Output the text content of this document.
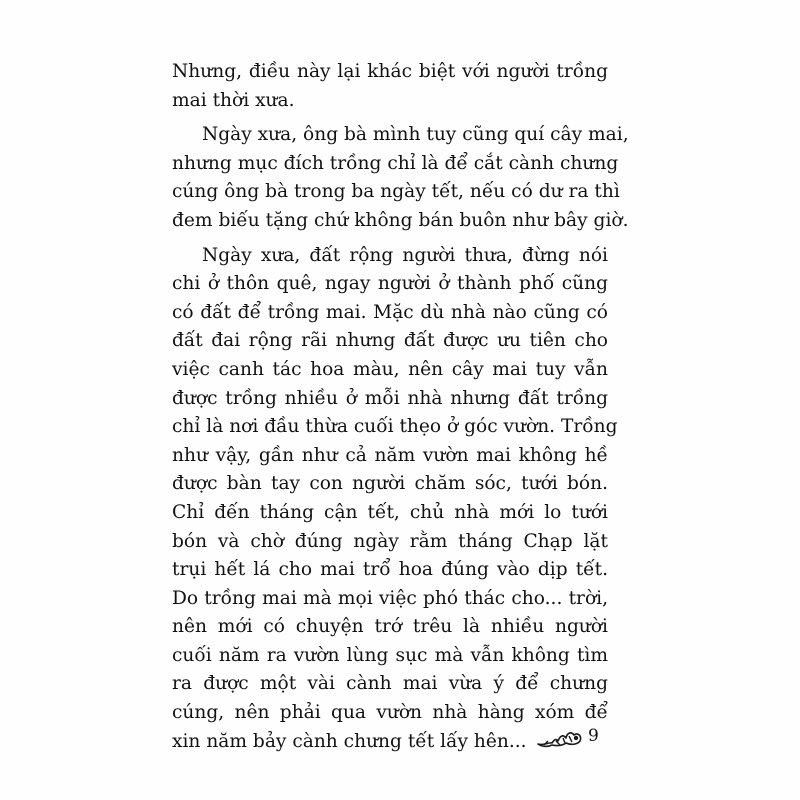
Nhưng, điều này lại khác biệt với người trồng
mai thời xưa.
Ngày xưa, ông bà mình tuy cũng quí cây mai,
nhưng mục đích trồng chỉ là để cắt cành chưng
cúng ông bà trong ba ngày tết, nếu có dư ra thì
đem biếu tặng chứ không bán buôn như bây giờ.
Ngày xưa, đất rộng người thưa, đừng nói
chi ở thôn quê, ngay người ở thành phố cũng
có đất để trồng mai. Mặc dù nhà nào cũng có
đất đai rộng rãi nhưng đất được ưu tiên cho
việc canh tác hoa màu, nên cây mai tuy vẫn
được trồng nhiều ở mỗi nhà nhưng đất trồng
chỉ là nơi đầu thừa cuối thẹo ở góc vườn. Trồng
như vậy, gần như cả năm vườn mai không hề
được bàn tay con người chăm sóc, tưới bón.
Chỉ đến tháng cận tết, chủ nhà mới lo tưới
bón và chờ đúng ngày rằm tháng Chạp lặt
trụi hết lá cho mai trổ hoa đúng vào dịp tết.
Do trồng mai mà mọi việc phó thác cho... trời,
nên mới có chuyện trớ trêu là nhiều người
cuối năm ra vườn lùng sục mà vẫn không tìm
ra được một vài cành mai vừa ý để chưng
cúng, nên phải qua vườn nhà hàng xóm để
xin năm bảy cành chưng tết lấy hên...	9
